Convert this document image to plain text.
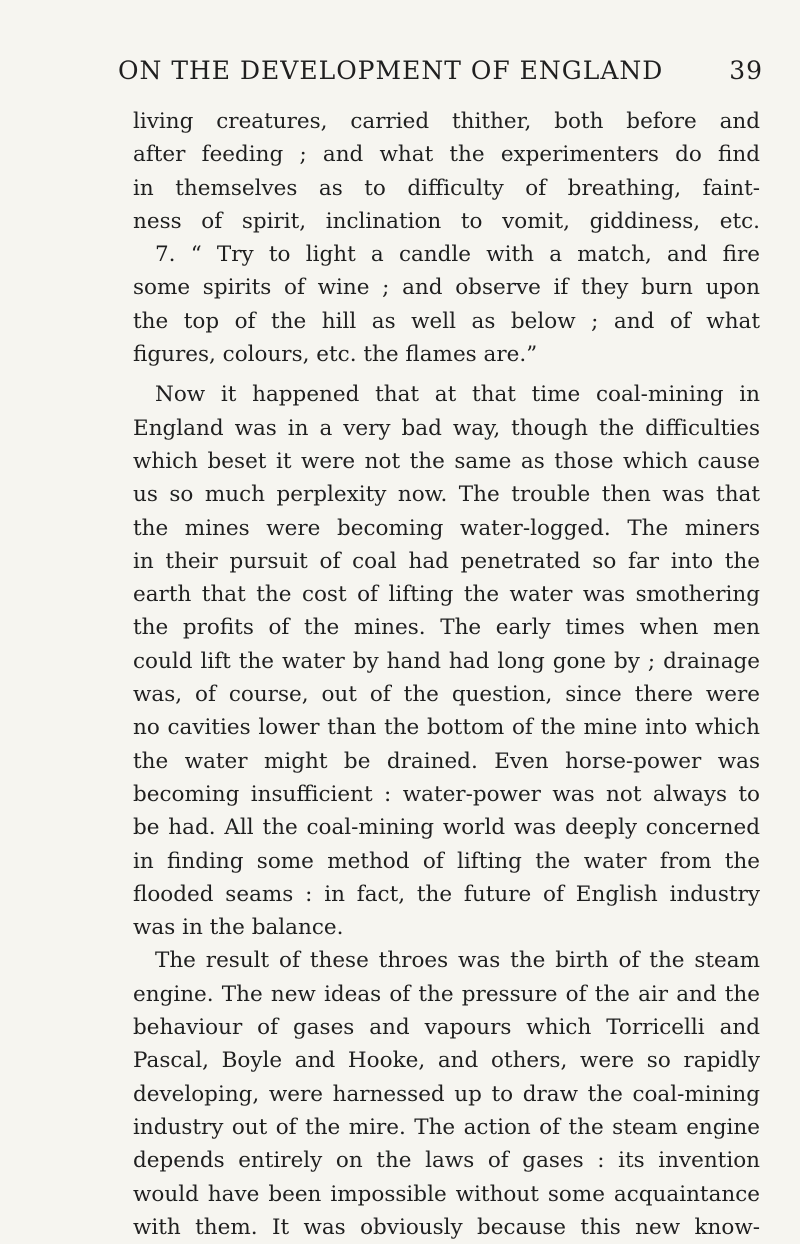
ON THE DEVELOPMENT OF ENGLAND	39
living creatures, carried thither, both before and
after feeding ; and what the experimenters do find
in themselves as to difficulty of breathing, faint-
ness of spirit, inclination to vomit, giddiness, etc.
7. “ Try to light a candle with a match, and fire
some spirits of wine ; and observe if they burn upon
the top of the hill as well as below ; and of what
figures, colours, etc. the flames are.”
Now it happened that at that time coal-mining in
England was in a very bad way, though the difficulties
which beset it were not the same as those which cause
us so much perplexity now. The trouble then was that
the mines were becoming water-logged. The miners
in their pursuit of coal had penetrated so far into the
earth that the cost of lifting the water was smothering
the profits of the mines. The early times when men
could lift the water by hand had long gone by ; drainage
was, of course, out of the question, since there were
no cavities lower than the bottom of the mine into which
the water might be drained. Even horse-power was
becoming insufficient : water-power was not always to
be had. All the coal-mining world was deeply concerned
in finding some method of lifting the water from the
flooded seams : in fact, the future of English industry
was in the balance.
The result of these throes was the birth of the steam
engine. The new ideas of the pressure of the air and the
behaviour of gases and vapours which Torricelli and
Pascal, Boyle and Hooke, and others, were so rapidly
developing, were harnessed up to draw the coal-mining
industry out of the mire. The action of the steam engine
depends entirely on the laws of gases : its invention
would have been impossible without some acquaintance
with them. It was obviously because this new know-
